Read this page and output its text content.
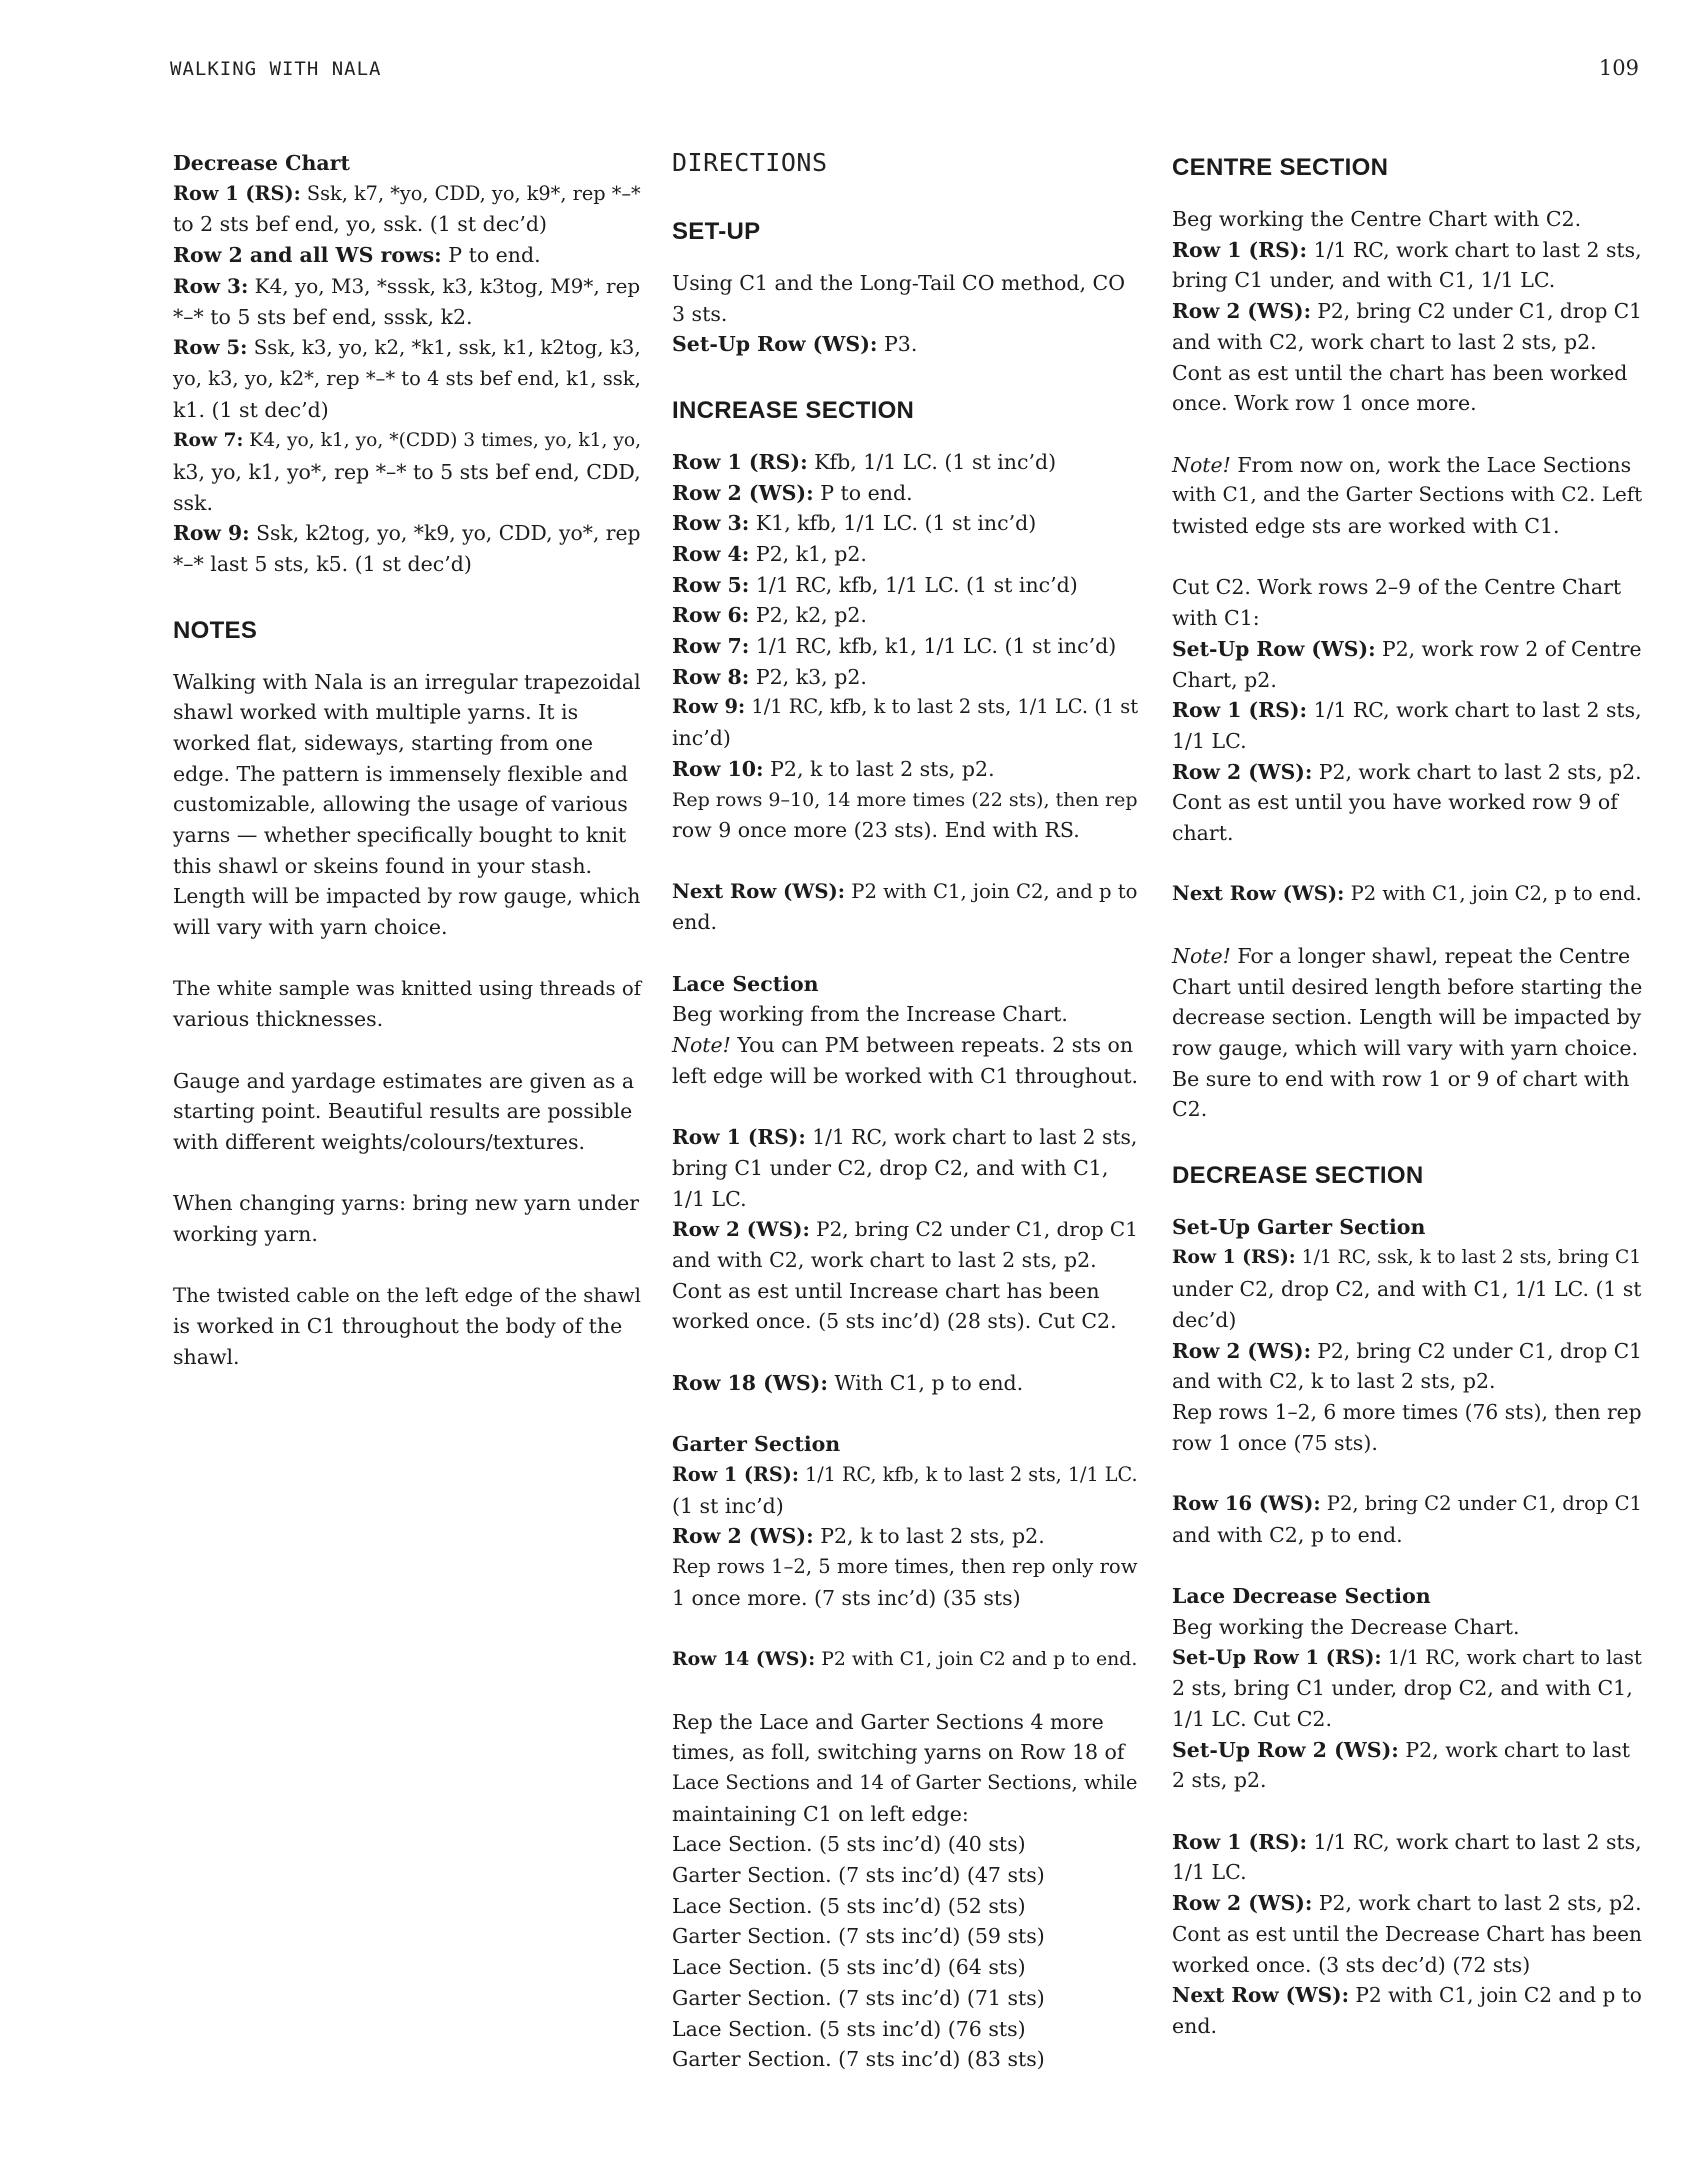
WALKING WITH NALA	109
Decrease Chart
Row 1 (RS): Ssk, k7, *yo, CDD, yo, k9*, rep *–*
to 2 sts bef end, yo, ssk. (1 st dec’d)
Row 2 and all WS rows: P to end.
Row 3: K4, yo, M3, *sssk, k3, k3tog, M9*, rep
*–* to 5 sts bef end, sssk, k2.
Row 5: Ssk, k3, yo, k2, *k1, ssk, k1, k2tog, k3,
yo, k3, yo, k2*, rep *–* to 4 sts bef end, k1, ssk,
k1. (1 st dec’d)
Row 7: K4, yo, k1, yo, *(CDD) 3 times, yo, k1, yo,
k3, yo, k1, yo*, rep *–* to 5 sts bef end, CDD,
ssk.
Row 9: Ssk, k2tog, yo, *k9, yo, CDD, yo*, rep
*–* last 5 sts, k5. (1 st dec’d)
NOTES
Walking with Nala is an irregular trapezoidal
shawl worked with multiple yarns. It is
worked flat, sideways, starting from one
edge. The pattern is immensely flexible and
customizable, allowing the usage of various
yarns — whether specifically bought to knit
this shawl or skeins found in your stash.
Length will be impacted by row gauge, which
will vary with yarn choice.
The white sample was knitted using threads of
various thicknesses.
Gauge and yardage estimates are given as a
starting point. Beautiful results are possible
with different weights/colours/textures.
When changing yarns: bring new yarn under
working yarn.
The twisted cable on the left edge of the shawl
is worked in C1 throughout the body of the
shawl.
DIRECTIONS
SET-UP
Using C1 and the Long-Tail CO method, CO
3 sts.
Set-Up Row (WS): P3.
INCREASE SECTION
Row 1 (RS): Kfb, 1/1 LC. (1 st inc’d)
Row 2 (WS): P to end.
Row 3: K1, kfb, 1/1 LC. (1 st inc’d)
Row 4: P2, k1, p2.
Row 5: 1/1 RC, kfb, 1/1 LC. (1 st inc’d)
Row 6: P2, k2, p2.
Row 7: 1/1 RC, kfb, k1, 1/1 LC. (1 st inc’d)
Row 8: P2, k3, p2.
Row 9: 1/1 RC, kfb, k to last 2 sts, 1/1 LC. (1 st
inc’d)
Row 10: P2, k to last 2 sts, p2.
Rep rows 9–10, 14 more times (22 sts), then rep
row 9 once more (23 sts). End with RS.
Next Row (WS): P2 with C1, join C2, and p to
end.
Lace Section
Beg working from the Increase Chart.
Note! You can PM between repeats. 2 sts on
left edge will be worked with C1 throughout.
Row 1 (RS): 1/1 RC, work chart to last 2 sts,
bring C1 under C2, drop C2, and with C1,
1/1 LC.
Row 2 (WS): P2, bring C2 under C1, drop C1
and with C2, work chart to last 2 sts, p2.
Cont as est until Increase chart has been
worked once. (5 sts inc’d) (28 sts). Cut C2.
Row 18 (WS): With C1, p to end.
Garter Section
Row 1 (RS): 1/1 RC, kfb, k to last 2 sts, 1/1 LC.
(1 st inc’d)
Row 2 (WS): P2, k to last 2 sts, p2.
Rep rows 1–2, 5 more times, then rep only row
1 once more. (7 sts inc’d) (35 sts)
Row 14 (WS): P2 with C1, join C2 and p to end.
Rep the Lace and Garter Sections 4 more
times, as foll, switching yarns on Row 18 of
Lace Sections and 14 of Garter Sections, while
maintaining C1 on left edge:
Lace Section. (5 sts inc’d) (40 sts)
Garter Section. (7 sts inc’d) (47 sts)
Lace Section. (5 sts inc’d) (52 sts)
Garter Section. (7 sts inc’d) (59 sts)
Lace Section. (5 sts inc’d) (64 sts)
Garter Section. (7 sts inc’d) (71 sts)
Lace Section. (5 sts inc’d) (76 sts)
Garter Section. (7 sts inc’d) (83 sts)
CENTRE SECTION
Beg working the Centre Chart with C2.
Row 1 (RS): 1/1 RC, work chart to last 2 sts,
bring C1 under, and with C1, 1/1 LC.
Row 2 (WS): P2, bring C2 under C1, drop C1
and with C2, work chart to last 2 sts, p2.
Cont as est until the chart has been worked
once. Work row 1 once more.
Note! From now on, work the Lace Sections
with C1, and the Garter Sections with C2. Left
twisted edge sts are worked with C1.
Cut C2. Work rows 2–9 of the Centre Chart
with C1:
Set-Up Row (WS): P2, work row 2 of Centre
Chart, p2.
Row 1 (RS): 1/1 RC, work chart to last 2 sts,
1/1 LC.
Row 2 (WS): P2, work chart to last 2 sts, p2.
Cont as est until you have worked row 9 of
chart.
Next Row (WS): P2 with C1, join C2, p to end.
Note! For a longer shawl, repeat the Centre
Chart until desired length before starting the
decrease section. Length will be impacted by
row gauge, which will vary with yarn choice.
Be sure to end with row 1 or 9 of chart with
C2.
DECREASE SECTION
Set-Up Garter Section
Row 1 (RS): 1/1 RC, ssk, k to last 2 sts, bring C1
under C2, drop C2, and with C1, 1/1 LC. (1 st
dec’d)
Row 2 (WS): P2, bring C2 under C1, drop C1
and with C2, k to last 2 sts, p2.
Rep rows 1–2, 6 more times (76 sts), then rep
row 1 once (75 sts).
Row 16 (WS): P2, bring C2 under C1, drop C1
and with C2, p to end.
Lace Decrease Section
Beg working the Decrease Chart.
Set-Up Row 1 (RS): 1/1 RC, work chart to last
2 sts, bring C1 under, drop C2, and with C1,
1/1 LC. Cut C2.
Set-Up Row 2 (WS): P2, work chart to last
2 sts, p2.
Row 1 (RS): 1/1 RC, work chart to last 2 sts,
1/1 LC.
Row 2 (WS): P2, work chart to last 2 sts, p2.
Cont as est until the Decrease Chart has been
worked once. (3 sts dec’d) (72 sts)
Next Row (WS): P2 with C1, join C2 and p to
end.
